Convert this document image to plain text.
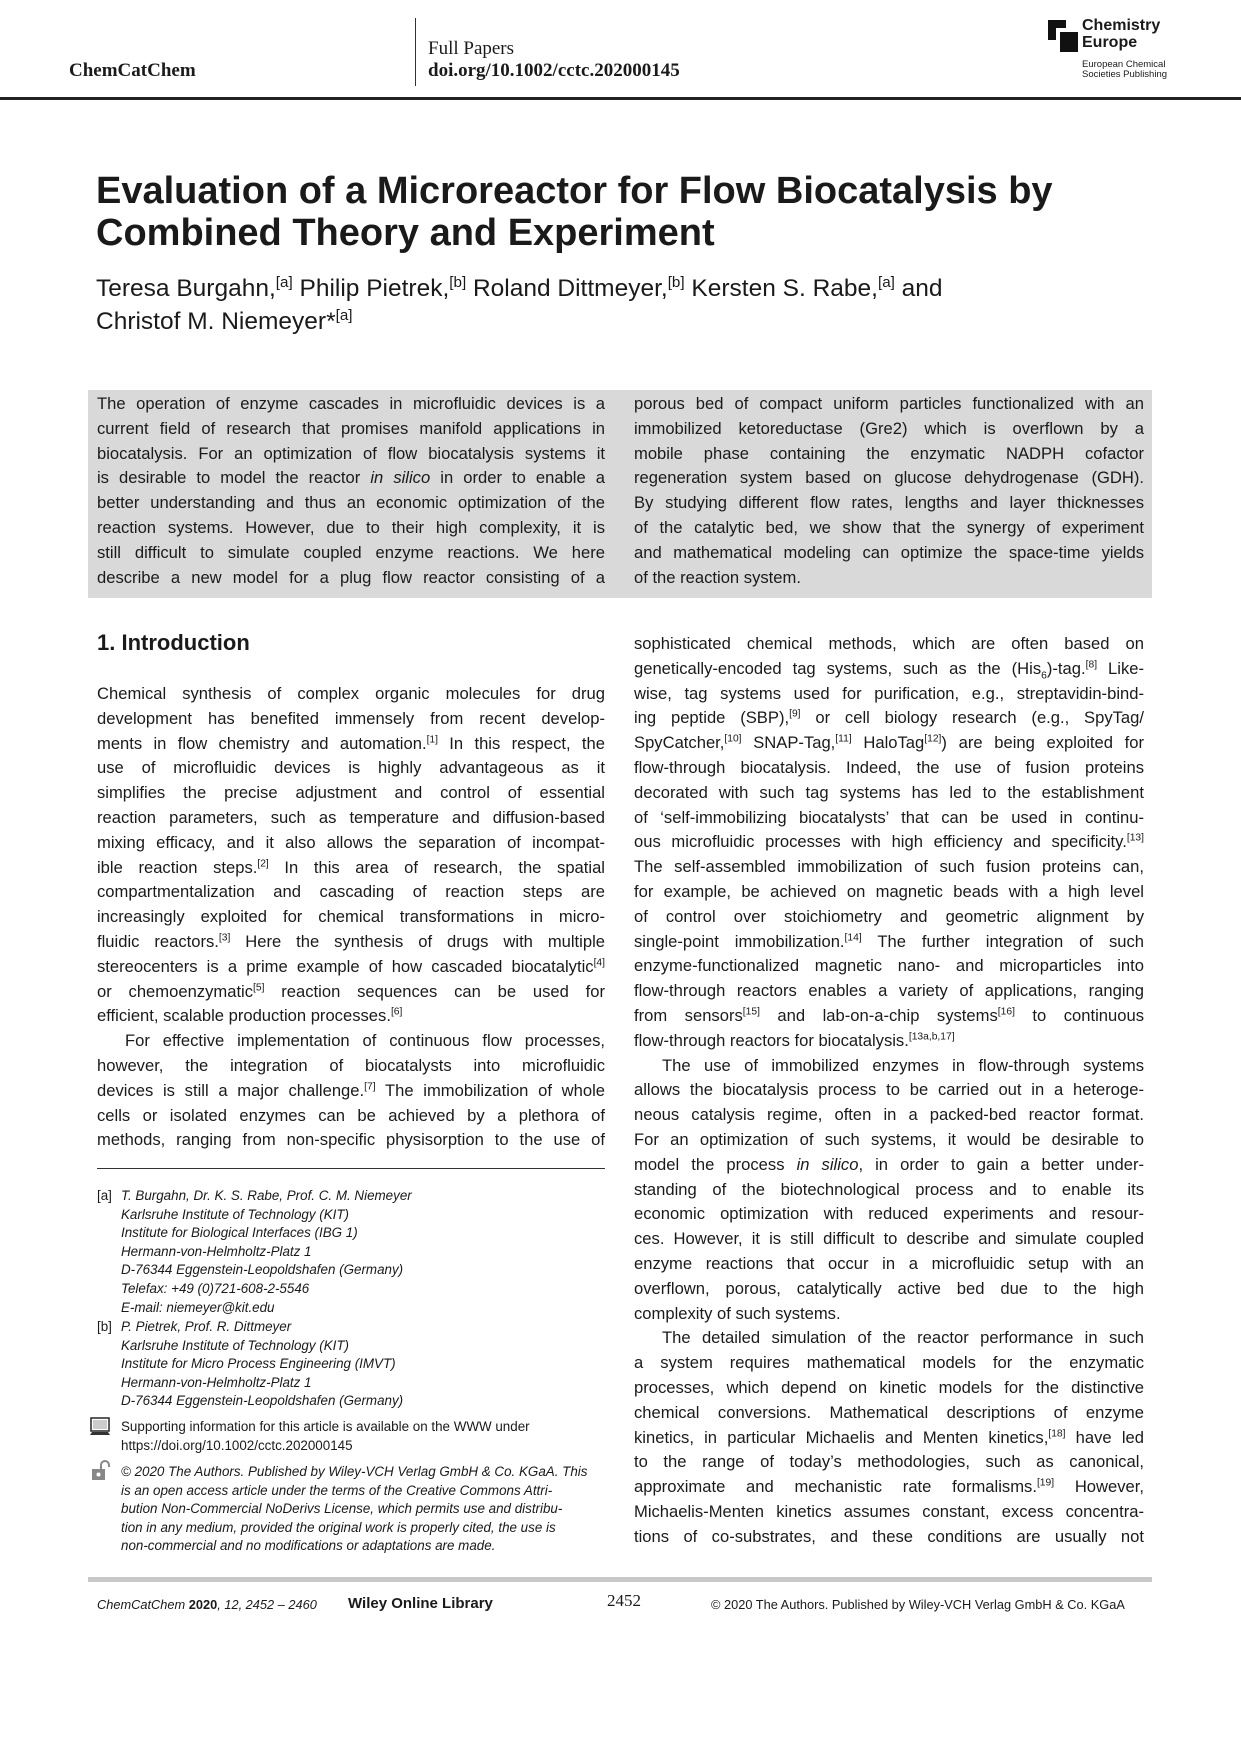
ChemCatChem
Full Papers
doi.org/10.1002/cctc.202000145
Chemistry
Europe
European Chemical
Societies Publishing
Evaluation of a Microreactor for Flow Biocatalysis by
Combined Theory and Experiment
Teresa Burgahn,[a] Philip Pietrek,[b] Roland Dittmeyer,[b] Kersten S. Rabe,[a] and
Christof M. Niemeyer*[a]
The operation of enzyme cascades in microfluidic devices is a
current field of research that promises manifold applications in
biocatalysis. For an optimization of flow biocatalysis systems it
is desirable to model the reactor in silico in order to enable a
better understanding and thus an economic optimization of the
reaction systems. However, due to their high complexity, it is
still difficult to simulate coupled enzyme reactions. We here
describe a new model for a plug flow reactor consisting of a
porous bed of compact uniform particles functionalized with an
immobilized ketoreductase (Gre2) which is overflown by a
mobile phase containing the enzymatic NADPH cofactor
regeneration system based on glucose dehydrogenase (GDH).
By studying different flow rates, lengths and layer thicknesses
of the catalytic bed, we show that the synergy of experiment
and mathematical modeling can optimize the space-time yields
of the reaction system.
1. Introduction
Chemical synthesis of complex organic molecules for drug
development has benefited immensely from recent develop-
ments in flow chemistry and automation.[1] In this respect, the
use of microfluidic devices is highly advantageous as it
simplifies the precise adjustment and control of essential
reaction parameters, such as temperature and diffusion-based
mixing efficacy, and it also allows the separation of incompat-
ible reaction steps.[2] In this area of research, the spatial
compartmentalization and cascading of reaction steps are
increasingly exploited for chemical transformations in micro-
fluidic reactors.[3] Here the synthesis of drugs with multiple
stereocenters is a prime example of how cascaded biocatalytic[4]
or chemoenzymatic[5] reaction sequences can be used for
efficient, scalable production processes.[6]
For effective implementation of continuous flow processes,
however, the integration of biocatalysts into microfluidic
devices is still a major challenge.[7] The immobilization of whole
cells or isolated enzymes can be achieved by a plethora of
methods, ranging from non-specific physisorption to the use of
sophisticated chemical methods, which are often based on
genetically-encoded tag systems, such as the (His$_6$)-tag.[8] Like-
wise, tag systems used for purification, e.g., streptavidin-bind-
ing peptide (SBP),[9] or cell biology research (e.g., SpyTag/
SpyCatcher,[10] SNAP-Tag,[11] HaloTag[12]) are being exploited for
flow-through biocatalysis. Indeed, the use of fusion proteins
decorated with such tag systems has led to the establishment
of ‘self-immobilizing biocatalysts’ that can be used in continu-
ous microfluidic processes with high efficiency and specificity.[13]
The self-assembled immobilization of such fusion proteins can,
for example, be achieved on magnetic beads with a high level
of control over stoichiometry and geometric alignment by
single-point immobilization.[14] The further integration of such
enzyme-functionalized magnetic nano- and microparticles into
flow-through reactors enables a variety of applications, ranging
from sensors[15] and lab-on-a-chip systems[16] to continuous
flow-through reactors for biocatalysis.[13a,b,17]
The use of immobilized enzymes in flow-through systems
allows the biocatalysis process to be carried out in a heteroge-
neous catalysis regime, often in a packed-bed reactor format.
For an optimization of such systems, it would be desirable to
model the process in silico, in order to gain a better under-
standing of the biotechnological process and to enable its
economic optimization with reduced experiments and resour-
ces. However, it is still difficult to describe and simulate coupled
enzyme reactions that occur in a microfluidic setup with an
overflown, porous, catalytically active bed due to the high
complexity of such systems.
The detailed simulation of the reactor performance in such
a system requires mathematical models for the enzymatic
processes, which depend on kinetic models for the distinctive
chemical conversions. Mathematical descriptions of enzyme
kinetics, in particular Michaelis and Menten kinetics,[18] have led
to the range of today’s methodologies, such as canonical,
approximate and mechanistic rate formalisms.[19] However,
Michaelis-Menten kinetics assumes constant, excess concentra-
tions of co-substrates, and these conditions are usually not
[a] T. Burgahn, Dr. K. S. Rabe, Prof. C. M. Niemeyer
Karlsruhe Institute of Technology (KIT)
Institute for Biological Interfaces (IBG 1)
Hermann-von-Helmholtz-Platz 1
D-76344 Eggenstein-Leopoldshafen (Germany)
Telefax: +49 (0)721-608-2-5546
E-mail: niemeyer@kit.edu
[b] P. Pietrek, Prof. R. Dittmeyer
Karlsruhe Institute of Technology (KIT)
Institute for Micro Process Engineering (IMVT)
Hermann-von-Helmholtz-Platz 1
D-76344 Eggenstein-Leopoldshafen (Germany)
Supporting information for this article is available on the WWW under
https://doi.org/10.1002/cctc.202000145
© 2020 The Authors. Published by Wiley-VCH Verlag GmbH & Co. KGaA. This
is an open access article under the terms of the Creative Commons Attri-
bution Non-Commercial NoDerivs License, which permits use and distribu-
tion in any medium, provided the original work is properly cited, the use is
non-commercial and no modifications or adaptations are made.
ChemCatChem 2020, 12, 2452 – 2460 Wiley Online Library	2452	© 2020 The Authors. Published by Wiley-VCH Verlag GmbH & Co. KGaA
